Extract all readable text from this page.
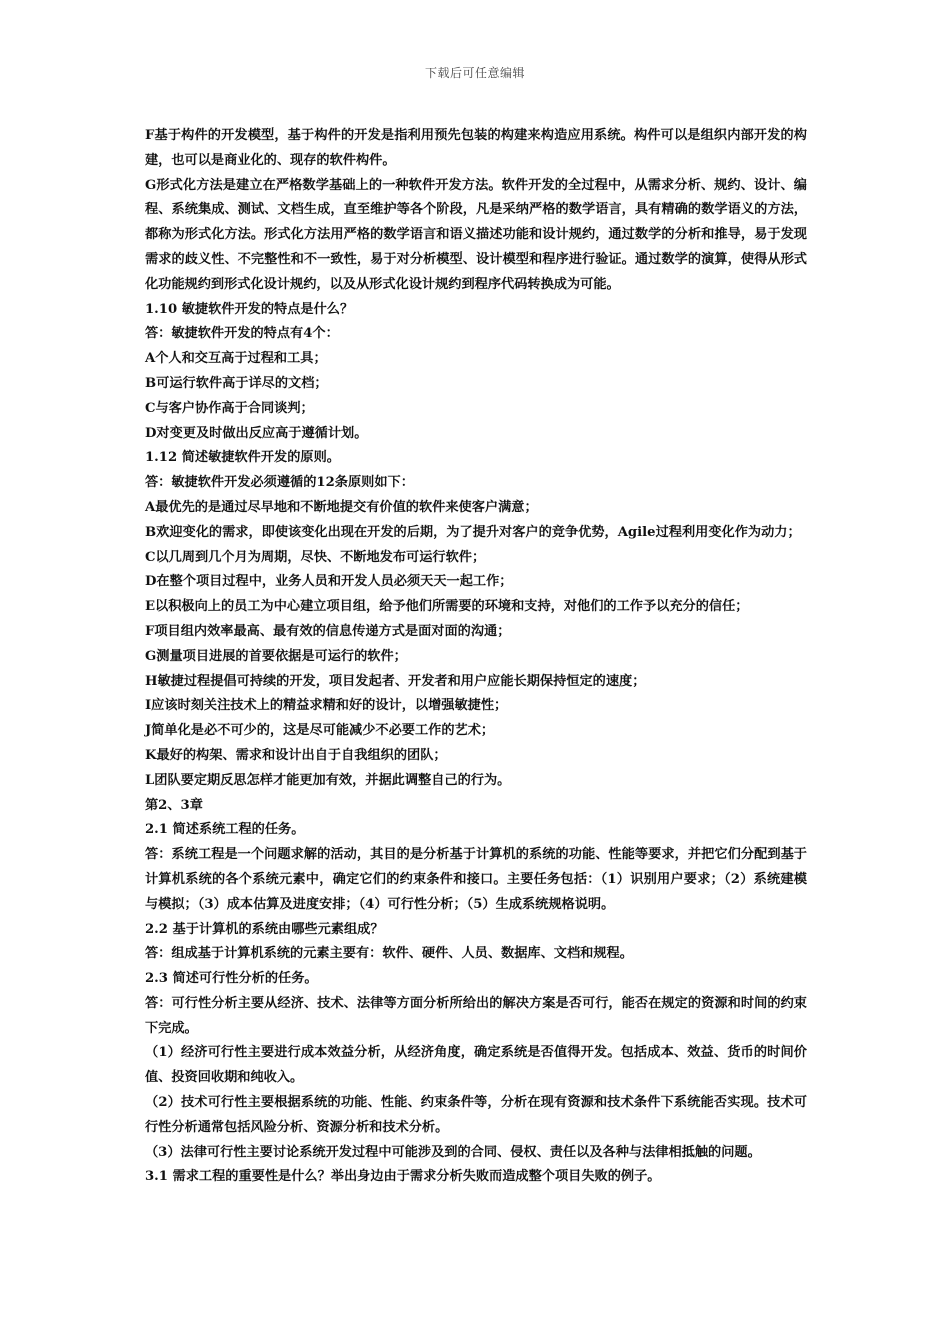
下载后可任意编辑

F基于构件的开发模型，基于构件的开发是指利用预先包装的构建来构造应用系统。构件可以是组织内部开发的构建，也可以是商业化的、现存的软件构件。

G形式化方法是建立在严格数学基础上的一种软件开发方法。软件开发的全过程中，从需求分析、规约、设计、编程、系统集成、测试、文档生成，直至维护等各个阶段，凡是采纳严格的数学语言，具有精确的数学语义的方法，都称为形式化方法。形式化方法用严格的数学语言和语义描述功能和设计规约，通过数学的分析和推导，易于发现需求的歧义性、不完整性和不一致性，易于对分析模型、设计模型和程序进行验证。通过数学的演算，使得从形式化功能规约到形式化设计规约，以及从形式化设计规约到程序代码转换成为可能。

1.10 敏捷软件开发的特点是什么？

答：敏捷软件开发的特点有4个：

A个人和交互高于过程和工具；

B可运行软件高于详尽的文档；

C与客户协作高于合同谈判；

D对变更及时做出反应高于遵循计划。

1.12 简述敏捷软件开发的原则。

答：敏捷软件开发必须遵循的12条原则如下：

A最优先的是通过尽早地和不断地提交有价值的软件来使客户满意；

B欢迎变化的需求，即使该变化出现在开发的后期，为了提升对客户的竞争优势，Agile过程利用变化作为动力；

C以几周到几个月为周期，尽快、不断地发布可运行软件；

D在整个项目过程中，业务人员和开发人员必须天天一起工作；

E以积极向上的员工为中心建立项目组，给予他们所需要的环境和支持，对他们的工作予以充分的信任；

F项目组内效率最高、最有效的信息传递方式是面对面的沟通；

G测量项目进展的首要依据是可运行的软件；

H敏捷过程提倡可持续的开发，项目发起者、开发者和用户应能长期保持恒定的速度；

I应该时刻关注技术上的精益求精和好的设计，以增强敏捷性；

J简单化是必不可少的，这是尽可能减少不必要工作的艺术；

K最好的构架、需求和设计出自于自我组织的团队；

L团队要定期反思怎样才能更加有效，并据此调整自己的行为。

第2、3章

2.1 简述系统工程的任务。

答：系统工程是一个问题求解的活动，其目的是分析基于计算机的系统的功能、性能等要求，并把它们分配到基于计算机系统的各个系统元素中，确定它们的约束条件和接口。主要任务包括：（1）识别用户要求；（2）系统建模与模拟；（3）成本估算及进度安排；（4）可行性分析；（5）生成系统规格说明。

2.2 基于计算机的系统由哪些元素组成？

答：组成基于计算机系统的元素主要有：软件、硬件、人员、数据库、文档和规程。

2.3 简述可行性分析的任务。

答：可行性分析主要从经济、技术、法律等方面分析所给出的解决方案是否可行，能否在规定的资源和时间的约束下完成。

（1）经济可行性主要进行成本效益分析，从经济角度，确定系统是否值得开发。包括成本、效益、货币的时间价值、投资回收期和纯收入。

（2）技术可行性主要根据系统的功能、性能、约束条件等，分析在现有资源和技术条件下系统能否实现。技术可行性分析通常包括风险分析、资源分析和技术分析。

（3）法律可行性主要讨论系统开发过程中可能涉及到的合同、侵权、责任以及各种与法律相抵触的问题。

3.1 需求工程的重要性是什么？举出身边由于需求分析失败而造成整个项目失败的例子。
